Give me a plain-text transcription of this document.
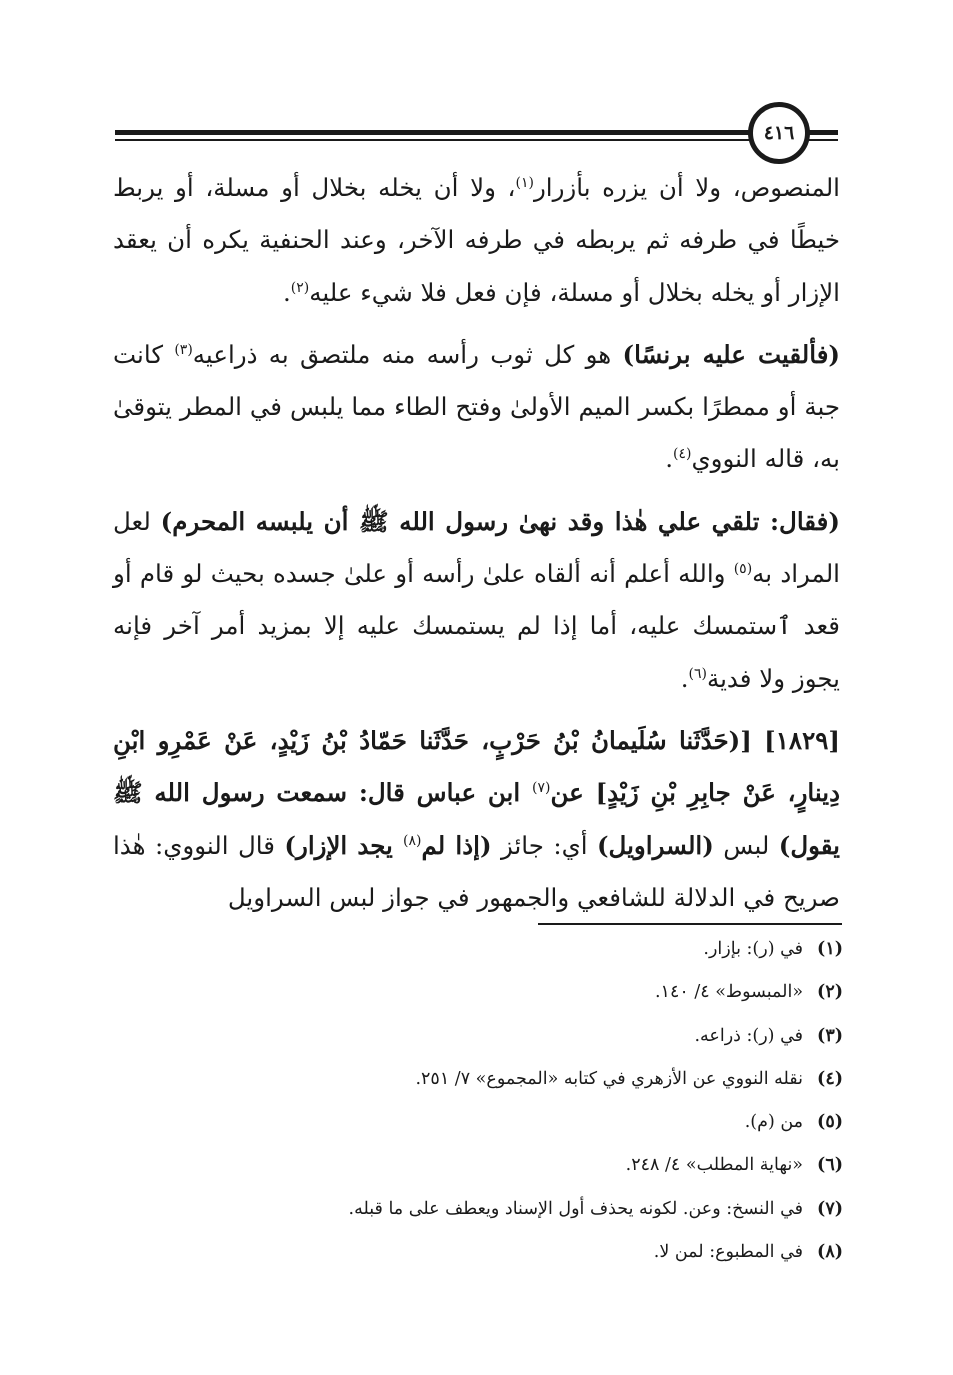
٤١٦

المنصوص، ولا أن يزره بأزرار$^{(١)}$، ولا أن يخله بخلال أو مسلة، أو يربط خيطًا في طرفه ثم يربطه في طرفه الآخر، وعند الحنفية يكره أن يعقد الإزار أو يخله بخلال أو مسلة، فإن فعل فلا شيء عليه$^{(٢)}$.

(فألقيت عليه برنسًا) هو كل ثوب رأسه منه ملتصق به ذراعيه$^{(٣)}$ كانت جبة أو ممطرًا بكسر الميم الأولىٰ وفتح الطاء مما يلبس في المطر يتوقىٰ به، قاله النووي$^{(٤)}$.

(فقال: تلقي علي هٰذا وقد نهىٰ رسول الله ﷺ أن يلبسه المحرم) لعل المراد به$^{(٥)}$ والله أعلم أنه ألقاه علىٰ رأسه أو علىٰ جسده بحيث لو قام أو قعد ٱستمسك عليه، أما إذا لم يستمسك عليه إلا بمزيد أمر آخر فإنه يجوز ولا فدية$^{(٦)}$.

[١٨٢٩] [(حَدَّثَنا سُلَيمانُ بْنُ حَرْبٍ، حَدَّثَنا حَمّادُ بْنُ زَيْدٍ، عَنْ عَمْرِو ابْنِ دِينارٍ، عَنْ جابِرِ بْنِ زَيْدٍ] عن$^{(٧)}$ ابن عباس قال: سمعت رسول الله ﷺ يقول) لبس (السراويل) أي: جائز (إذا لم$^{(٨)}$ يجد الإزار) قال النووي: هٰذا صريح في الدلالة للشافعي والجمهور في جواز لبس السراويل

(١)في (ر): بإزار.
(٢)«المبسوط» ٤/ ١٤٠.
(٣)في (ر): ذراعه.
(٤)نقله النووي عن الأزهري في كتابه «المجموع» ٧/ ٢٥١.
(٥)من (م).
(٦)«نهاية المطلب» ٤/ ٢٤٨.
(٧)في النسخ: وعن. لكونه يحذف أول الإسناد ويعطف على ما قبله.
(٨)في المطبوع: لمن لا.
